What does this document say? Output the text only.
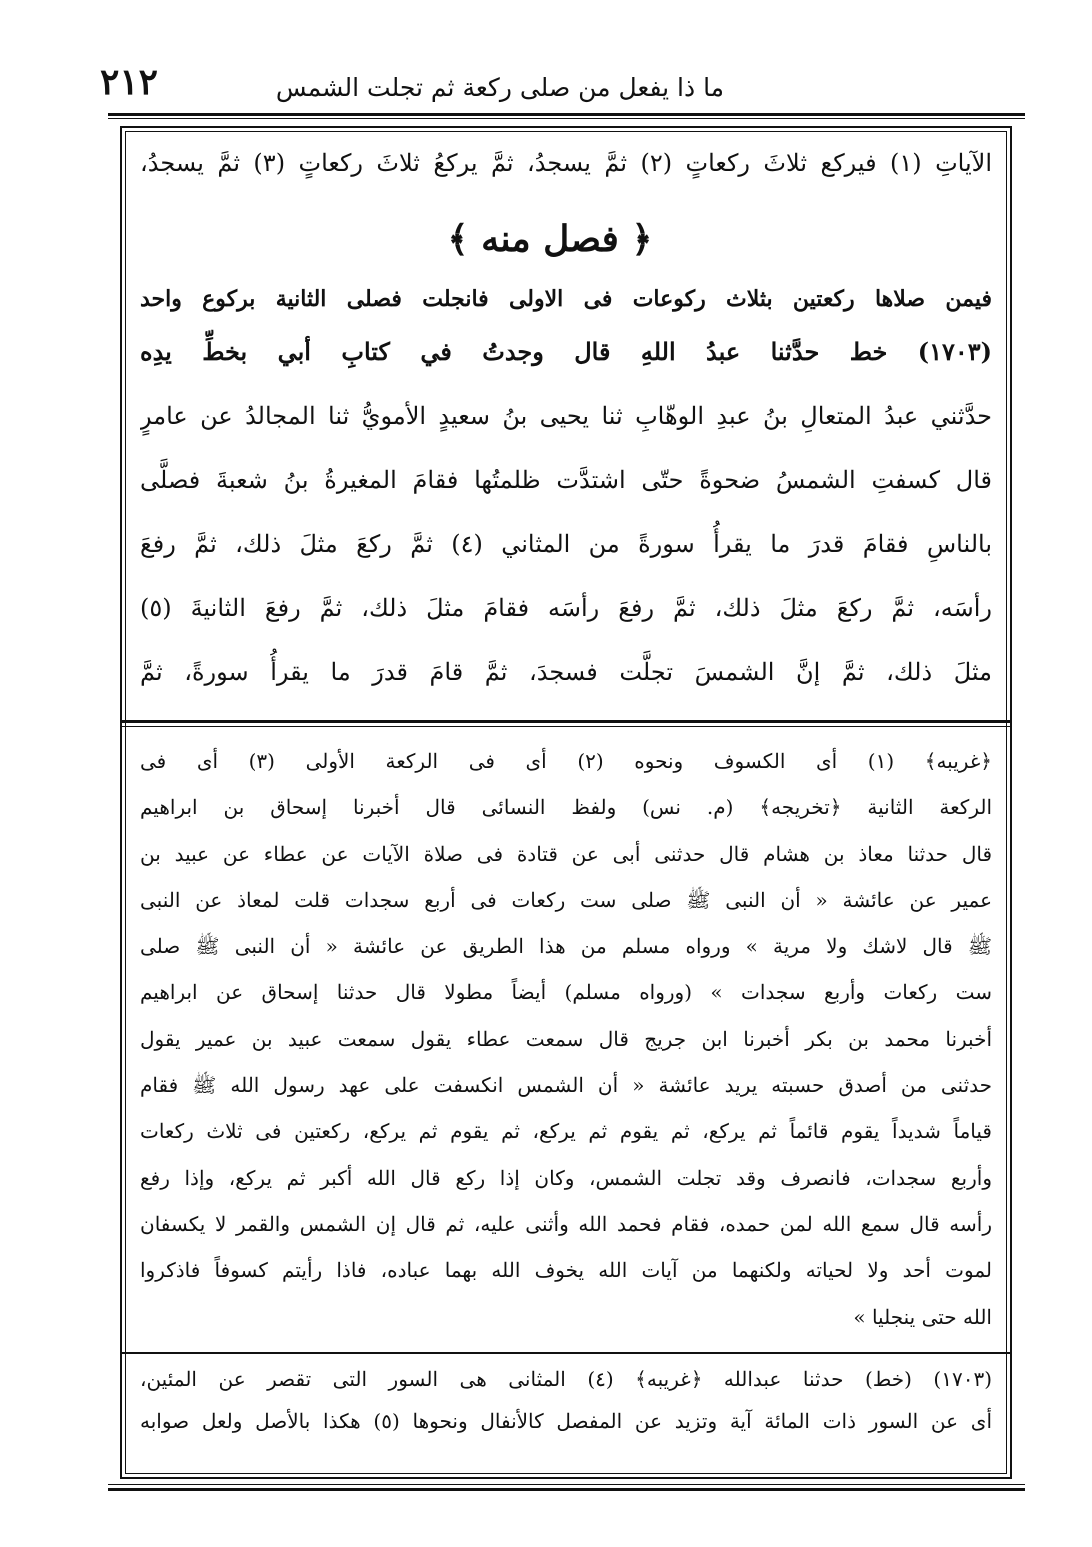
٢١٢	ما ذا يفعل من صلى ركعة ثم تجلت الشمس
الآياتِ (١) فيركع ثلاثَ ركعاتٍ (٢) ثمَّ يسجدُ، ثمَّ يركعُ ثلاثَ ركعاتٍ (٣) ثمَّ يسجدُ،
﴿ فصل منه ﴾
فيمن صلاها ركعتين بثلاث ركوعات فى الاولى فانجلت فصلى الثانية بركوع واحد
(١٧٠٣) خط حدَّثنا عبدُ اللهِ قال وجدتُ في كتابِ أبي بخطِّ يدِه
حدَّثني عبدُ المتعالِ بنُ عبدِ الوهّابِ ثنا يحيى بنُ سعيدٍ الأمويُّ ثنا المجالدُ عن عامرٍ
قال كسفتِ الشمسُ ضحوةً حتّى اشتدَّت ظلمتُها فقامَ المغيرةُ بنُ شعبةَ فصلَّى
بالناسِ فقامَ قدرَ ما يقرأُ سورةً من المثاني (٤) ثمَّ ركعَ مثلَ ذلك، ثمَّ رفعَ
رأسَه، ثمَّ ركعَ مثلَ ذلك، ثمَّ رفعَ رأسَه فقامَ مثلَ ذلك، ثمَّ رفعَ الثانيةَ (٥)
مثلَ ذلك، ثمَّ إنَّ الشمسَ تجلَّت فسجدَ، ثمَّ قامَ قدرَ ما يقرأُ سورةً، ثمَّ
﴿غريبه﴾ (١) أى الكسوف ونحوه (٢) أى فى الركعة الأولى (٣) أى فى
الركعة الثانية ﴿تخريجه﴾ (م. نس) ولفظ النسائى قال أخبرنا إسحاق بن ابراهيم
قال حدثنا معاذ بن هشام قال حدثنى أبى عن قتادة فى صلاة الآيات عن عطاء عن عبيد بن
عمير عن عائشة « أن النبى ﷺ صلى ست ركعات فى أربع سجدات قلت لمعاذ عن النبى
ﷺ قال لاشك ولا مرية » ورواه مسلم من هذا الطريق عن عائشة « أن النبى ﷺ صلى
ست ركعات وأربع سجدات » (ورواه مسلم) أيضاً مطولا قال حدثنا إسحاق عن ابراهيم
أخبرنا محمد بن بكر أخبرنا ابن جريج قال سمعت عطاء يقول سمعت عبيد بن عمير يقول
حدثنى من أصدق حسبته يريد عائشة « أن الشمس انكسفت على عهد رسول الله ﷺ فقام
قياماً شديداً يقوم قائماً ثم يركع، ثم يقوم ثم يركع، ثم يقوم ثم يركع، ركعتين فى ثلاث ركعات
وأربع سجدات، فانصرف وقد تجلت الشمس، وكان إذا ركع قال الله أكبر ثم يركع، وإذا رفع
رأسه قال سمع الله لمن حمده، فقام فحمد الله وأثنى عليه، ثم قال إن الشمس والقمر لا يكسفان
لموت أحد ولا لحياته ولكنهما من آيات الله يخوف الله بهما عباده، فاذا رأيتم كسوفاً فاذكروا
الله حتى ينجليا »
(١٧٠٣) (خط) حدثنا عبدالله ﴿غريبه﴾ (٤) المثانى هى السور التى تقصر عن المئين،
أى عن السور ذات المائة آية وتزيد عن المفصل كالأنفال ونحوها (٥) هكذا بالأصل ولعل صوابه
